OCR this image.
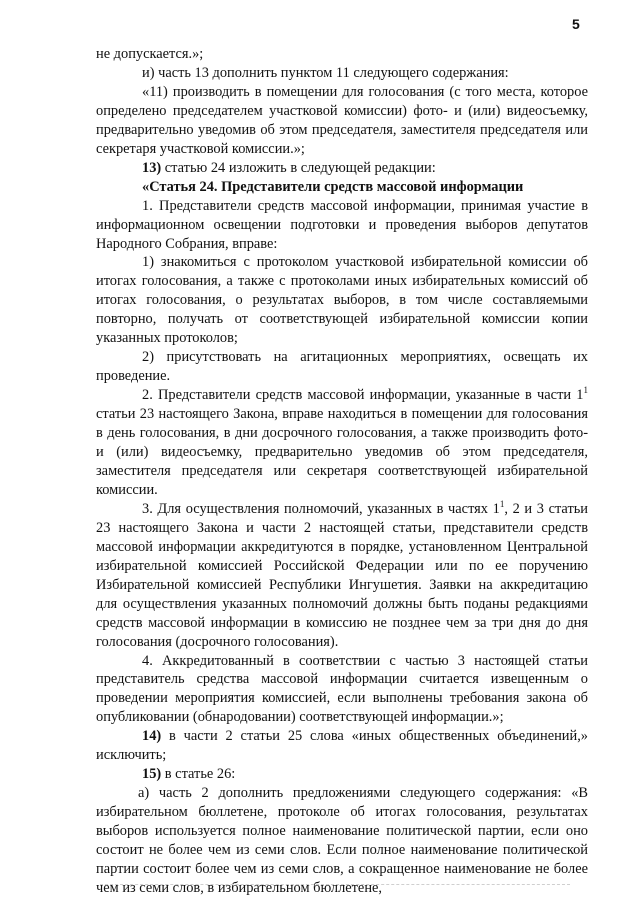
5

не допускается.»;

и) часть 13 дополнить пунктом 11 следующего содержания:

«11) производить в помещении для голосования (с того места, которое определено председателем участковой комиссии) фото- и (или) видеосъемку, предварительно уведомив об этом председателя, заместителя председателя или секретаря участковой комиссии.»;

13) статью 24 изложить в следующей редакции:

«Статья 24. Представители средств массовой информации

1. Представители средств массовой информации, принимая участие в информационном освещении подготовки и проведения выборов депутатов Народного Собрания, вправе:

1) знакомиться с протоколом участковой избирательной комиссии об итогах голосования, а также с протоколами иных избирательных комиссий об итогах голосования, о результатах выборов, в том числе составляемыми повторно, получать от соответствующей избирательной комиссии копии указанных протоколов;

2) присутствовать на агитационных мероприятиях, освещать их проведение.

2. Представители средств массовой информации, указанные в части $1^1$ статьи 23 настоящего Закона, вправе находиться в помещении для голосования в день голосования, в дни досрочного голосования, а также производить фото- и (или) видеосъемку, предварительно уведомив об этом председателя, заместителя председателя или секретаря соответствующей избирательной комиссии.

3. Для осуществления полномочий, указанных в частях $1^1$, 2 и 3 статьи 23 настоящего Закона и части 2 настоящей статьи, представители средств массовой информации аккредитуются в порядке, установленном Центральной избирательной комиссией Российской Федерации или по ее поручению Избирательной комиссией Республики Ингушетия. Заявки на аккредитацию для осуществления указанных полномочий должны быть поданы редакциями средств массовой информации в комиссию не позднее чем за три дня до дня голосования (досрочного голосования).

4. Аккредитованный в соответствии с частью 3 настоящей статьи представитель средства массовой информации считается извещенным о проведении мероприятия комиссией, если выполнены требования закона об опубликовании (обнародовании) соответствующей информации.»;

14) в части 2 статьи 25 слова «иных общественных объединений,» исключить;

15) в статье 26:

а) часть 2 дополнить предложениями следующего содержания: «В избирательном бюллетене, протоколе об итогах голосования, результатах выборов используется полное наименование политической партии, если оно состоит не более чем из семи слов. Если полное наименование политической партии состоит более чем из семи слов, а сокращенное наименование не более чем из семи слов, в избирательном бюллетене,
